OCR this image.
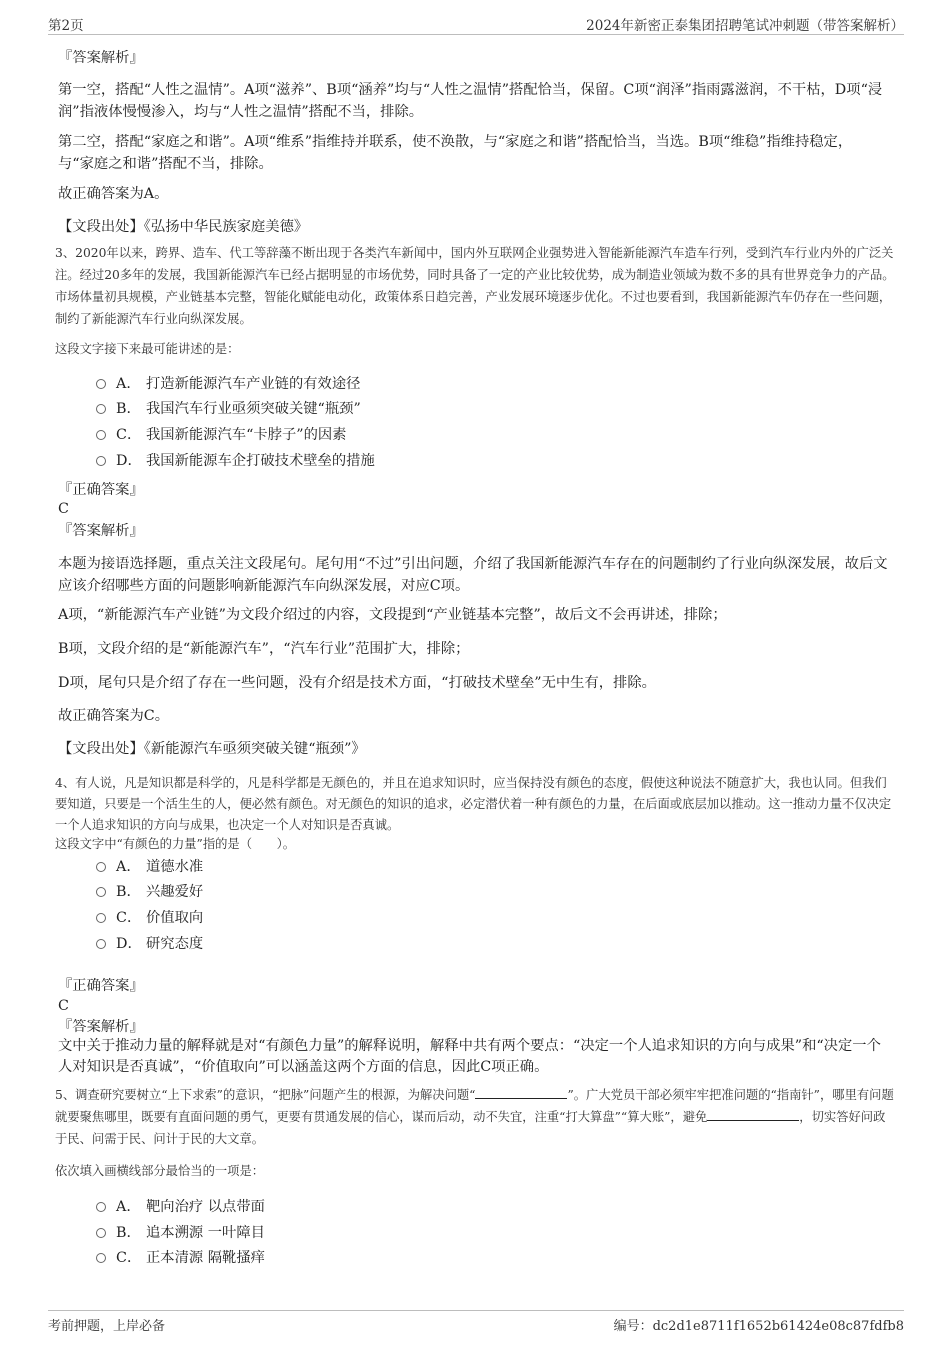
第2页	2024年新密正泰集团招聘笔试冲刺题（带答案解析）
『答案解析』
第一空，搭配“人性之温情”。A项“滋养”、B项“涵养”均与“人性之温情”搭配恰当，保留。C项“润泽”指雨露滋润，不干枯，D项“浸润”指液体慢慢渗入，均与“人性之温情”搭配不当，排除。
第二空，搭配“家庭之和谐”。A项“维系”指维持并联系，使不涣散，与“家庭之和谐”搭配恰当，当选。B项“维稳”指维持稳定，与“家庭之和谐”搭配不当，排除。
故正确答案为A。
【文段出处】《弘扬中华民族家庭美德》
3、2020年以来，跨界、造车、代工等辞藻不断出现于各类汽车新闻中，国内外互联网企业强势进入智能新能源汽车造车行列，受到汽车行业内外的广泛关注。经过20多年的发展，我国新能源汽车已经占据明显的市场优势，同时具备了一定的产业比较优势，成为制造业领域为数不多的具有世界竞争力的产品。市场体量初具规模，产业链基本完整，智能化赋能电动化，政策体系日趋完善，产业发展环境逐步优化。不过也要看到，我国新能源汽车仍存在一些问题，制约了新能源汽车行业向纵深发展。
这段文字接下来最可能讲述的是：
A． 打造新能源汽车产业链的有效途径
B． 我国汽车行业亟须突破关键“瓶颈”
C． 我国新能源汽车“卡脖子”的因素
D． 我国新能源车企打破技术壁垒的措施
『正确答案』
C
『答案解析』
本题为接语选择题，重点关注文段尾句。尾句用“不过”引出问题，介绍了我国新能源汽车存在的问题制约了行业向纵深发展，故后文应该介绍哪些方面的问题影响新能源汽车向纵深发展，对应C项。
A项，“新能源汽车产业链”为文段介绍过的内容，文段提到“产业链基本完整”，故后文不会再讲述，排除；
B项，文段介绍的是“新能源汽车”，“汽车行业”范围扩大，排除；
D项，尾句只是介绍了存在一些问题，没有介绍是技术方面，“打破技术壁垒”无中生有，排除。
故正确答案为C。
【文段出处】《新能源汽车亟须突破关键“瓶颈”》
4、有人说，凡是知识都是科学的，凡是科学都是无颜色的，并且在追求知识时，应当保持没有颜色的态度，假使这种说法不随意扩大，我也认同。但我们要知道，只要是一个活生生的人，便必然有颜色。对无颜色的知识的追求，必定潜伏着一种有颜色的力量，在后面或底层加以推动。这一推动力量不仅决定一个人追求知识的方向与成果，也决定一个人对知识是否真诚。
这段文字中“有颜色的力量”指的是（　　）。
A． 道德水准
B． 兴趣爱好
C． 价值取向
D． 研究态度
『正确答案』
C
『答案解析』
文中关于推动力量的解释就是对“有颜色力量”的解释说明，解释中共有两个要点：“决定一个人追求知识的方向与成果”和“决定一个人对知识是否真诚”，“价值取向”可以涵盖这两个方面的信息，因此C项正确。
5、调查研究要树立“上下求索”的意识，“把脉”问题产生的根源，为解决问题“	”。广大党员干部必须牢牢把准问题的“指南针”，哪里有问题就要聚焦哪里，既要有直面问题的勇气，更要有贯通发展的信心，谋而后动，动不失宜，注重“打大算盘”“算大账”，避免	，切实答好问政于民、问需于民、问计于民的大文章。
依次填入画横线部分最恰当的一项是：
A． 靶向治疗 以点带面
B． 追本溯源 一叶障目
C． 正本清源 隔靴搔痒
考前押题，上岸必备	编号：dc2d1e8711f1652b61424e08c87fdfb8
